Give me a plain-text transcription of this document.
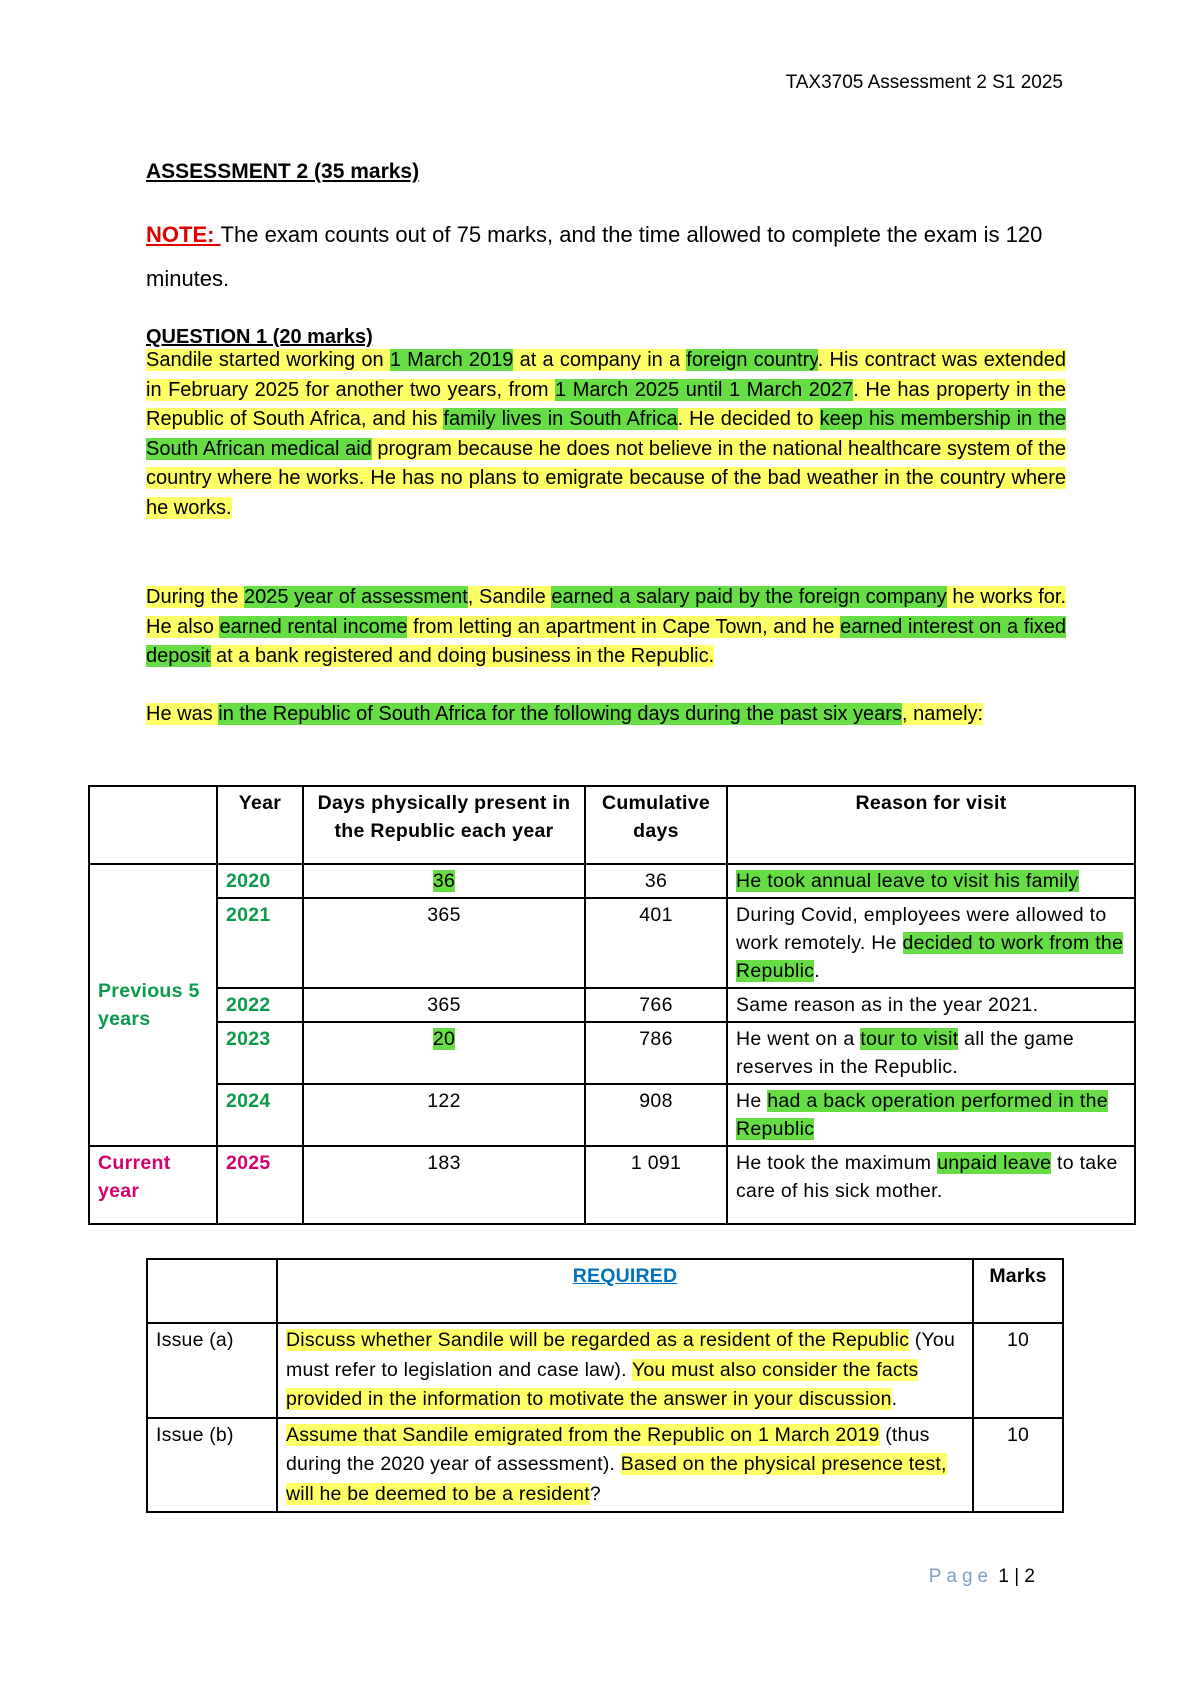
TAX3705 Assessment 2 S1 2025
ASSESSMENT 2 (35 marks)
NOTE: The exam counts out of 75 marks, and the time allowed to complete the exam is 120 minutes.
QUESTION 1 (20 marks)
Sandile started working on 1 March 2019 at a company in a foreign country. His contract was extended in February 2025 for another two years, from 1 March 2025 until 1 March 2027. He has property in the Republic of South Africa, and his family lives in South Africa. He decided to keep his membership in the South African medical aid program because he does not believe in the national healthcare system of the country where he works. He has no plans to emigrate because of the bad weather in the country where he works.
During the 2025 year of assessment, Sandile earned a salary paid by the foreign company he works for. He also earned rental income from letting an apartment in Cape Town, and he earned interest on a fixed deposit at a bank registered and doing business in the Republic.
He was in the Republic of South Africa for the following days during the past six years, namely:
	Year	Days physically present in the Republic each year	Cumulative days	Reason for visit
Previous 5 years	2020	36	36	He took annual leave to visit his family
	2021	365	401	During Covid, employees were allowed to work remotely. He decided to work from the Republic.
	2022	365	766	Same reason as in the year 2021.
	2023	20	786	He went on a tour to visit all the game reserves in the Republic.
	2024	122	908	He had a back operation performed in the Republic
Current year	2025	183	1 091	He took the maximum unpaid leave to take care of his sick mother.
	REQUIRED	Marks
Issue (a)	Discuss whether Sandile will be regarded as a resident of the Republic (You must refer to legislation and case law). You must also consider the facts provided in the information to motivate the answer in your discussion.	10
Issue (b)	Assume that Sandile emigrated from the Republic on 1 March 2019 (thus during the 2020 year of assessment). Based on the physical presence test, will he be deemed to be a resident?	10
Page 1 | 2
